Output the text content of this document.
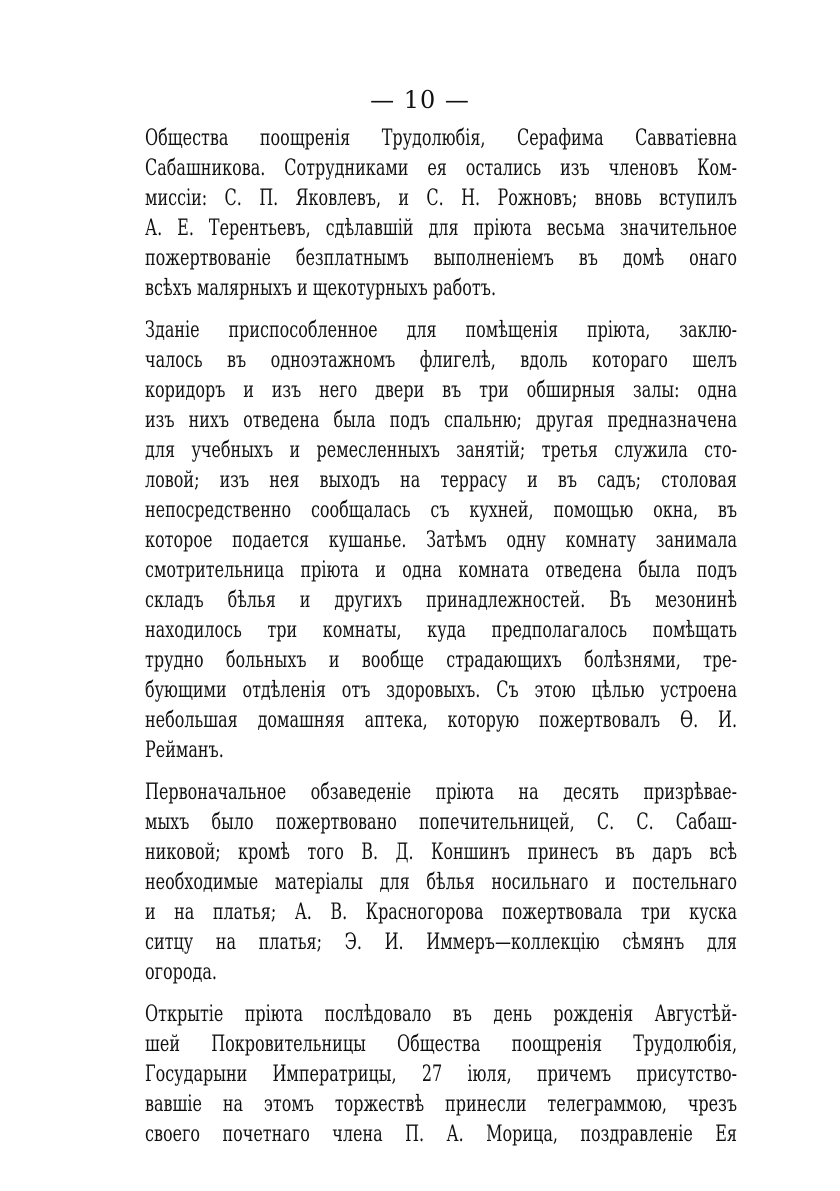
— 10 —
Общества поощренія Трудолюбія, Серафима Савватіевна
Сабашникова. Сотрудниками ея остались изъ членовъ Ком-
миссіи: С. П. Яковлевъ, и С. Н. Рожновъ; вновь вступилъ
А. Е. Терентьевъ, сдѣлавшій для пріюта весьма значительное
пожертвованіе безплатнымъ выполненіемъ въ домѣ онаго
всѣхъ малярныхъ и щекотурныхъ работъ.
Зданіе приспособленное для помѣщенія пріюта, заклю-
чалось въ одноэтажномъ флигелѣ, вдоль котораго шелъ
коридоръ и изъ него двери въ три обширныя залы: одна
изъ нихъ отведена была подъ спальню; другая предназначена
для учебныхъ и ремесленныхъ занятій; третья служила сто-
ловой; изъ нея выходъ на террасу и въ садъ; столовая
непосредственно сообщалась съ кухней, помощью окна, въ
которое подается кушанье. Затѣмъ одну комнату занимала
смотрительница пріюта и одна комната отведена была подъ
складъ бѣлья и другихъ принадлежностей. Въ мезонинѣ
находилось три комнаты, куда предполагалось помѣщать
трудно больныхъ и вообще страдающихъ болѣзнями, тре-
бующими отдѣленія отъ здоровыхъ. Съ этою цѣлью устроена
небольшая домашняя аптека, которую пожертвовалъ Ѳ. И.
Рейманъ.
Первоначальное обзаведеніе пріюта на десять призрѣвае-
мыхъ было пожертвовано попечительницей, С. С. Сабаш-
никовой; кромѣ того В. Д. Коншинъ принесъ въ даръ всѣ
необходимые матеріалы для бѣлья носильнаго и постельнаго
и на платья; А. В. Красногорова пожертвовала три куска
ситцу на платья; Э. И. Иммеръ—коллекцію сѣмянъ для
огорода.
Открытіе пріюта послѣдовало въ день рожденія Августѣй-
шей Покровительницы Общества поощренія Трудолюбія,
Государыни Императрицы, 27 іюля, причемъ присутство-
вавшіе на этомъ торжествѣ принесли телеграммою, чрезъ
своего почетнаго члена П. А. Морица, поздравленіе Ея
